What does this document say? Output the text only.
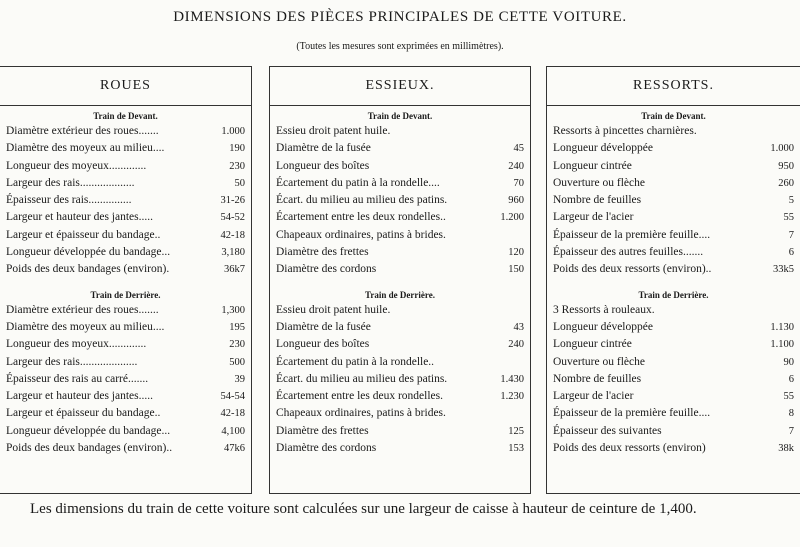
DIMENSIONS DES PIÈCES PRINCIPALES DE CETTE VOITURE.
(Toutes les mesures sont exprimées en millimètres).
ROUES
Train de Devant.
Diamètre extérieur des roues.......	1.000
Diamètre des moyeux au milieu....	190
Longueur des moyeux.............	230
Largeur des rais...................	50
Épaisseur des rais...............	31-26
Largeur et hauteur des jantes.....	54-52
Largeur et épaisseur du bandage..	42-18
Longueur développée du bandage...	3,180
Poids des deux bandages (environ).	36k7
Train de Derrière.
Diamètre extérieur des roues.......	1,300
Diamètre des moyeux au milieu....	195
Longueur des moyeux.............	230
Largeur des rais....................	500
Épaisseur des rais au carré.......	39
Largeur et hauteur des jantes.....	54-54
Largeur et épaisseur du bandage..	42-18
Longueur développée du bandage...	4,100
Poids des deux bandages (environ)..	47k6
ESSIEUX.
Train de Devant.
Essieu droit patent huile.
Diamètre de la fusée	45
Longueur des boîtes	240
Écartement du patin à la rondelle....	70
Écart. du milieu au milieu des patins.	960
Écartement entre les deux rondelles..	1.200
Chapeaux ordinaires, patins à brides.
Diamètre des frettes	120
Diamètre des cordons	150
Train de Derrière.
Essieu droit patent huile.
Diamètre de la fusée	43
Longueur des boîtes	240
Écartement du patin à la rondelle..
Écart. du milieu au milieu des patins.	1.430
Écartement entre les deux rondelles.	1.230
Chapeaux ordinaires, patins à brides.
Diamètre des frettes	125
Diamètre des cordons	153
RESSORTS.
Train de Devant.
Ressorts à pincettes charnières.
Longueur développée	1.000
Longueur cintrée	950
Ouverture ou flèche	260
Nombre de feuilles	5
Largeur de l'acier	55
Épaisseur de la première feuille....	7
Épaisseur des autres feuilles.......	6
Poids des deux ressorts (environ)..	33k5
Train de Derrière.
3 Ressorts à rouleaux.
Longueur développée	1.130
Longueur cintrée	1.100
Ouverture ou flèche	90
Nombre de feuilles	6
Largeur de l'acier	55
Épaisseur de la première feuille....	8
Épaisseur des suivantes	7
Poids des deux ressorts (environ)	38k
Les dimensions du train de cette voiture sont calculées sur une largeur de caisse à hauteur de ceinture de 1,400.
